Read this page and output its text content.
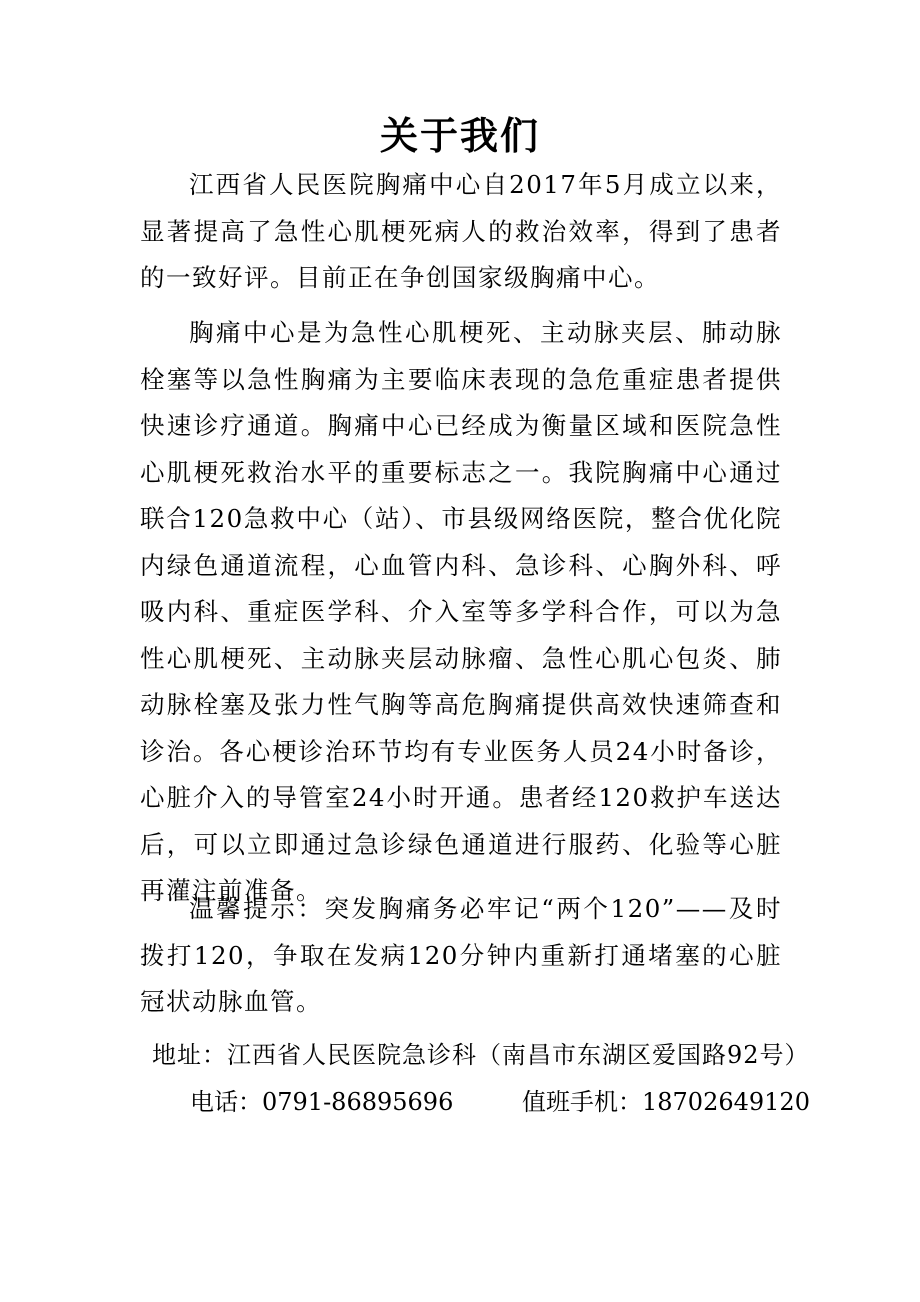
关于我们

江西省人民医院胸痛中心自2017年5月成立以来，显著提高了急性心肌梗死病人的救治效率，得到了患者的一致好评。目前正在争创国家级胸痛中心。

胸痛中心是为急性心肌梗死、主动脉夹层、肺动脉栓塞等以急性胸痛为主要临床表现的急危重症患者提供快速诊疗通道。胸痛中心已经成为衡量区域和医院急性心肌梗死救治水平的重要标志之一。我院胸痛中心通过联合120急救中心（站）、市县级网络医院，整合优化院内绿色通道流程，心血管内科、急诊科、心胸外科、呼吸内科、重症医学科、介入室等多学科合作，可以为急性心肌梗死、主动脉夹层动脉瘤、急性心肌心包炎、肺动脉栓塞及张力性气胸等高危胸痛提供高效快速筛查和诊治。各心梗诊治环节均有专业医务人员24小时备诊，心脏介入的导管室24小时开通。患者经120救护车送达后，可以立即通过急诊绿色通道进行服药、化验等心脏再灌注前准备。

温馨提示：突发胸痛务必牢记“两个120”——及时拨打120，争取在发病120分钟内重新打通堵塞的心脏冠状动脉血管。

地址：江西省人民医院急诊科（南昌市东湖区爱国路92号）
电话：0791-86895696	值班手机：18702649120
